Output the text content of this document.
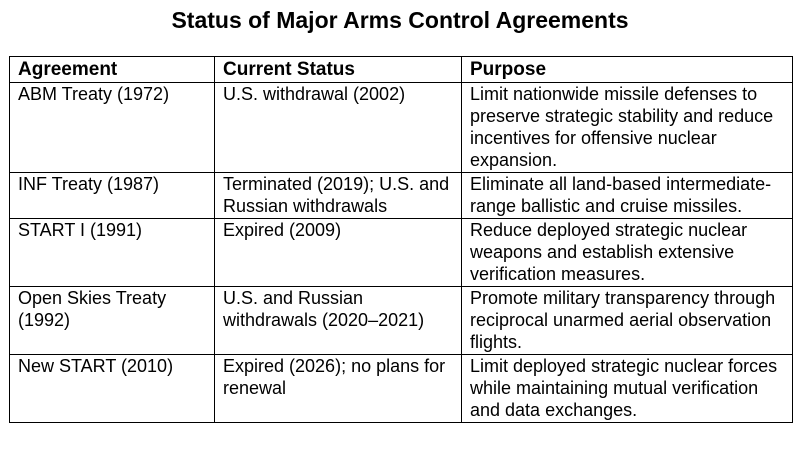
Status of Major Arms Control Agreements
Agreement	Current Status	Purpose
ABM Treaty (1972)	U.S. withdrawal (2002)	Limit nationwide missile defenses to preserve strategic stability and reduce incentives for offensive nuclear expansion.
INF Treaty (1987)	Terminated (2019); U.S. and Russian withdrawals	Eliminate all land-based intermediate-range ballistic and cruise missiles.
START I (1991)	Expired (2009)	Reduce deployed strategic nuclear weapons and establish extensive verification measures.
Open Skies Treaty (1992)	U.S. and Russian withdrawals (2020–2021)	Promote military transparency through reciprocal unarmed aerial observation flights.
New START (2010)	Expired (2026); no plans for renewal	Limit deployed strategic nuclear forces while maintaining mutual verification and data exchanges.
